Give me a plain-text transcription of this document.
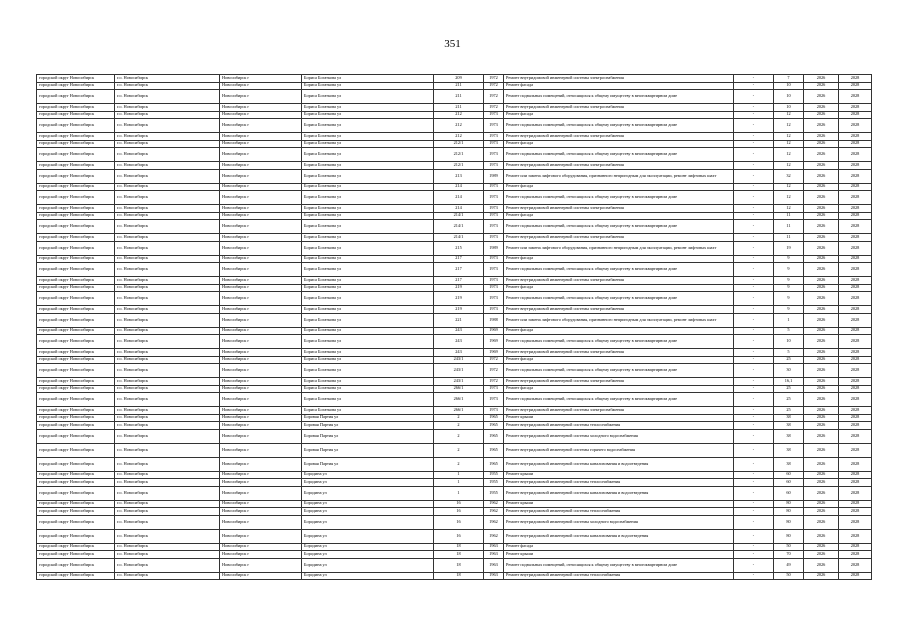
351
городской округ Новосибирск	г.о. Новосибирск	Новосибирск г	Бориса Богаткова ул	209	1972	Ремонт внутридомовой инженерной системы электроснабжения	-	7	2026	2028
городской округ Новосибирск	г.о. Новосибирск	Новосибирск г	Бориса Богаткова ул	211	1972	Ремонт фасада	-	10	2026	2028
городской округ Новосибирск	г.о. Новосибирск	Новосибирск г	Бориса Богаткова ул	211	1972	Ремонт подвальных помещений, относящихся к общему имуществу в многоквартирном доме	-	10	2026	2028
городской округ Новосибирск	г.о. Новосибирск	Новосибирск г	Бориса Богаткова ул	211	1972	Ремонт внутридомовой инженерной системы электроснабжения	-	10	2026	2028
городской округ Новосибирск	г.о. Новосибирск	Новосибирск г	Бориса Богаткова ул	212	1973	Ремонт фасада	-	12	2026	2028
городской округ Новосибирск	г.о. Новосибирск	Новосибирск г	Бориса Богаткова ул	212	1973	Ремонт подвальных помещений, относящихся к общему имуществу в многоквартирном доме	-	12	2026	2028
городской округ Новосибирск	г.о. Новосибирск	Новосибирск г	Бориса Богаткова ул	212	1973	Ремонт внутридомовой инженерной системы электроснабжения	-	12	2026	2028
городской округ Новосибирск	г.о. Новосибирск	Новосибирск г	Бориса Богаткова ул	212/1	1973	Ремонт фасада	-	12	2026	2028
городской округ Новосибирск	г.о. Новосибирск	Новосибирск г	Бориса Богаткова ул	212/1	1973	Ремонт подвальных помещений, относящихся к общему имуществу в многоквартирном доме	-	12	2026	2028
городской округ Новосибирск	г.о. Новосибирск	Новосибирск г	Бориса Богаткова ул	212/1	1973	Ремонт внутридомовой инженерной системы электроснабжения	-	12	2026	2028
городской округ Новосибирск	г.о. Новосибирск	Новосибирск г	Бориса Богаткова ул	213	1989	Ремонт или замена лифтового оборудования, признанного непригодным для эксплуатации, ремонт лифтовых шахт	-	32	2026	2028
городской округ Новосибирск	г.о. Новосибирск	Новосибирск г	Бориса Богаткова ул	214	1973	Ремонт фасада	-	12	2026	2028
городской округ Новосибирск	г.о. Новосибирск	Новосибирск г	Бориса Богаткова ул	214	1973	Ремонт подвальных помещений, относящихся к общему имуществу в многоквартирном доме	-	12	2026	2028
городской округ Новосибирск	г.о. Новосибирск	Новосибирск г	Бориса Богаткова ул	214	1973	Ремонт внутридомовой инженерной системы электроснабжения	-	12	2026	2028
городской округ Новосибирск	г.о. Новосибирск	Новосибирск г	Бориса Богаткова ул	214/1	1973	Ремонт фасада	-	11	2026	2028
городской округ Новосибирск	г.о. Новосибирск	Новосибирск г	Бориса Богаткова ул	214/1	1973	Ремонт подвальных помещений, относящихся к общему имуществу в многоквартирном доме	-	11	2026	2028
городской округ Новосибирск	г.о. Новосибирск	Новосибирск г	Бориса Богаткова ул	214/1	1973	Ремонт внутридомовой инженерной системы электроснабжения	-	11	2026	2028
городской округ Новосибирск	г.о. Новосибирск	Новосибирск г	Бориса Богаткова ул	215	1989	Ремонт или замена лифтового оборудования, признанного непригодным для эксплуатации, ремонт лифтовых шахт	-	19	2026	2028
городской округ Новосибирск	г.о. Новосибирск	Новосибирск г	Бориса Богаткова ул	217	1973	Ремонт фасада	-	9	2026	2028
городской округ Новосибирск	г.о. Новосибирск	Новосибирск г	Бориса Богаткова ул	217	1973	Ремонт подвальных помещений, относящихся к общему имуществу в многоквартирном доме	-	9	2026	2028
городской округ Новосибирск	г.о. Новосибирск	Новосибирск г	Бориса Богаткова ул	217	1973	Ремонт внутридомовой инженерной системы электроснабжения	-	9	2026	2028
городской округ Новосибирск	г.о. Новосибирск	Новосибирск г	Бориса Богаткова ул	219	1973	Ремонт фасада	-	9	2026	2028
городской округ Новосибирск	г.о. Новосибирск	Новосибирск г	Бориса Богаткова ул	219	1973	Ремонт подвальных помещений, относящихся к общему имуществу в многоквартирном доме	-	9	2026	2028
городской округ Новосибирск	г.о. Новосибирск	Новосибирск г	Бориса Богаткова ул	219	1973	Ремонт внутридомовой инженерной системы электроснабжения	-	9	2026	2028
городской округ Новосибирск	г.о. Новосибирск	Новосибирск г	Бориса Богаткова ул	221	1988	Ремонт или замена лифтового оборудования, признанного непригодным для эксплуатации, ремонт лифтовых шахт	-	1	2026	2028
городской округ Новосибирск	г.о. Новосибирск	Новосибирск г	Бориса Богаткова ул	243	1969	Ремонт фасада	-	5	2026	2028
городской округ Новосибирск	г.о. Новосибирск	Новосибирск г	Бориса Богаткова ул	243	1969	Ремонт подвальных помещений, относящихся к общему имуществу в многоквартирном доме	-	10	2026	2028
городской округ Новосибирск	г.о. Новосибирск	Новосибирск г	Бориса Богаткова ул	243	1969	Ремонт внутридомовой инженерной системы электроснабжения	-	5	2026	2028
городской округ Новосибирск	г.о. Новосибирск	Новосибирск г	Бориса Богаткова ул	243/1	1972	Ремонт фасада	-	25	2026	2028
городской округ Новосибирск	г.о. Новосибирск	Новосибирск г	Бориса Богаткова ул	243/1	1972	Ремонт подвальных помещений, относящихся к общему имуществу в многоквартирном доме	-	30	2026	2028
городской округ Новосибирск	г.о. Новосибирск	Новосибирск г	Бориса Богаткова ул	243/1	1972	Ремонт внутридомовой инженерной системы электроснабжения	-	16,1	2026	2028
городской округ Новосибирск	г.о. Новосибирск	Новосибирск г	Бориса Богаткова ул	266/1	1973	Ремонт фасада	-	25	2026	2028
городской округ Новосибирск	г.о. Новосибирск	Новосибирск г	Бориса Богаткова ул	266/1	1973	Ремонт подвальных помещений, относящихся к общему имуществу в многоквартирном доме	-	25	2026	2028
городской округ Новосибирск	г.о. Новосибирск	Новосибирск г	Бориса Богаткова ул	266/1	1973	Ремонт внутридомовой инженерной системы электроснабжения	-	25	2026	2028
городской округ Новосибирск	г.о. Новосибирск	Новосибирск г	Боровая Партия ул	2	1965	Ремонт крыши	-	38	2026	2028
городской округ Новосибирск	г.о. Новосибирск	Новосибирск г	Боровая Партия ул	2	1965	Ремонт внутридомовой инженерной системы теплоснабжения	-	38	2026	2028
городской округ Новосибирск	г.о. Новосибирск	Новосибирск г	Боровая Партия ул	2	1965	Ремонт внутридомовой инженерной системы холодного водоснабжения	-	38	2026	2028
городской округ Новосибирск	г.о. Новосибирск	Новосибирск г	Боровая Партия ул	2	1965	Ремонт внутридомовой инженерной системы горячего водоснабжения	-	38	2026	2028
городской округ Новосибирск	г.о. Новосибирск	Новосибирск г	Боровая Партия ул	2	1965	Ремонт внутридомовой инженерной системы канализования и водоотведения	-	38	2026	2028
городской округ Новосибирск	г.о. Новосибирск	Новосибирск г	Бородина ул	1	1955	Ремонт крыши	-	60	2026	2028
городской округ Новосибирск	г.о. Новосибирск	Новосибирск г	Бородина ул	1	1955	Ремонт внутридомовой инженерной системы теплоснабжения	-	60	2026	2028
городской округ Новосибирск	г.о. Новосибирск	Новосибирск г	Бородина ул	1	1955	Ремонт внутридомовой инженерной системы канализования и водоотведения	-	60	2026	2028
городской округ Новосибирск	г.о. Новосибирск	Новосибирск г	Бородина ул	16	1962	Ремонт крыши	-	80	2026	2028
городской округ Новосибирск	г.о. Новосибирск	Новосибирск г	Бородина ул	16	1962	Ремонт внутридомовой инженерной системы теплоснабжения	-	80	2026	2028
городской округ Новосибирск	г.о. Новосибирск	Новосибирск г	Бородина ул	16	1962	Ремонт внутридомовой инженерной системы холодного водоснабжения	-	80	2026	2028
городской округ Новосибирск	г.о. Новосибирск	Новосибирск г	Бородина ул	16	1962	Ремонт внутридомовой инженерной системы канализования и водоотведения	-	80	2026	2028
городской округ Новосибирск	г.о. Новосибирск	Новосибирск г	Бородина ул	18	1963	Ремонт фасада	-	50	2026	2028
городской округ Новосибирск	г.о. Новосибирск	Новосибирск г	Бородина ул	18	1963	Ремонт крыши	-	70	2026	2028
городской округ Новосибирск	г.о. Новосибирск	Новосибирск г	Бородина ул	18	1963	Ремонт подвальных помещений, относящихся к общему имуществу в многоквартирном доме	-	49	2026	2028
городской округ Новосибирск	г.о. Новосибирск	Новосибирск г	Бородина ул	18	1963	Ремонт внутридомовой инженерной системы теплоснабжения	-	50	2026	2028
